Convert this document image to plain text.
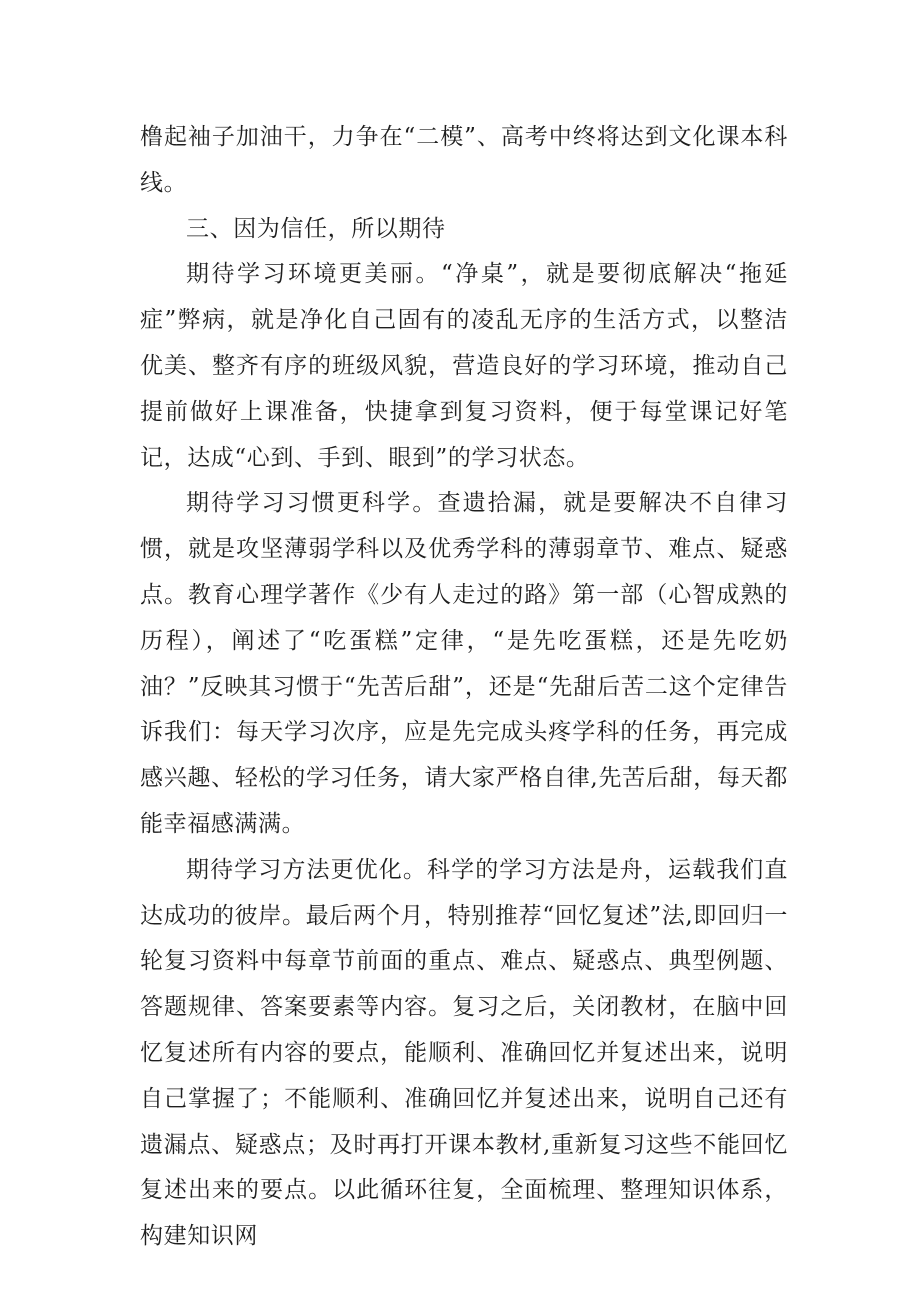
橹起袖子加油干，力争在“二模”、高考中终将达到文化课本科线。

三、因为信任，所以期待

期待学习环境更美丽。“净桌”，就是要彻底解决“拖延症”弊病，就是净化自己固有的凌乱无序的生活方式，以整洁优美、整齐有序的班级风貌，营造良好的学习环境，推动自己提前做好上课准备，快捷拿到复习资料，便于每堂课记好笔记，达成“心到、手到、眼到”的学习状态。

期待学习习惯更科学。查遗拾漏，就是要解决不自律习惯，就是攻坚薄弱学科以及优秀学科的薄弱章节、难点、疑惑点。教育心理学著作《少有人走过的路》第一部（心智成熟的历程），阐述了“吃蛋糕”定律，“是先吃蛋糕，还是先吃奶油？”反映其习惯于“先苦后甜”，还是“先甜后苦二这个定律告诉我们：每天学习次序，应是先完成头疼学科的任务，再完成感兴趣、轻松的学习任务，请大家严格自律,先苦后甜，每天都能幸福感满满。

期待学习方法更优化。科学的学习方法是舟，运载我们直达成功的彼岸。最后两个月，特别推荐“回忆复述”法,即回归一轮复习资料中每章节前面的重点、难点、疑惑点、典型例题、答题规律、答案要素等内容。复习之后，关闭教材，在脑中回忆复述所有内容的要点，能顺利、准确回忆并复述出来，说明自己掌握了；不能顺利、准确回忆并复述出来，说明自己还有遗漏点、疑惑点；及时再打开课本教材,重新复习这些不能回忆复述出来的要点。以此循环往复，全面梳理、整理知识体系，构建知识网
